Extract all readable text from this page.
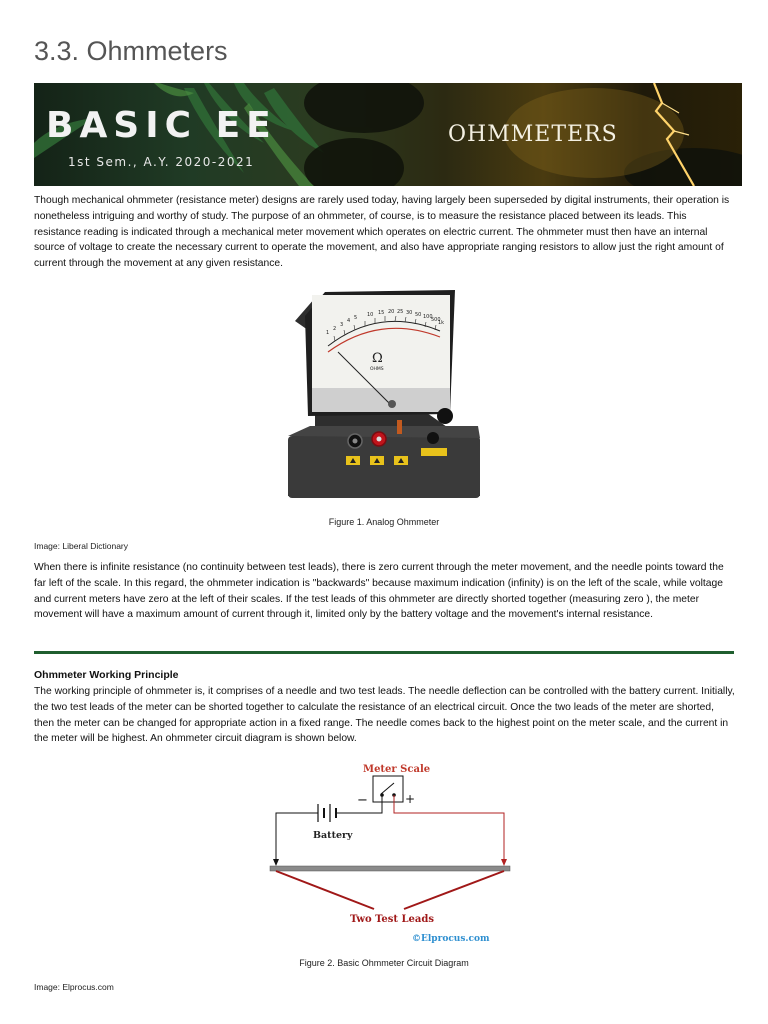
3.3. Ohmmeters
BASIC EE
1st Sem., A.Y. 2020-2021
OHMMETERS

Though mechanical ohmmeter (resistance meter) designs are rarely used today, having largely been superseded by digital instruments, their operation is nonetheless intriguing and worthy of study. The purpose of an ohmmeter, of course, is to measure the resistance placed between its leads. This resistance reading is indicated through a mechanical meter movement which operates on electric current. The ohmmeter must then have an internal source of voltage to create the necessary current to operate the movement, and also have appropriate ranging resistors to allow just the right amount of current through the movement at any given resistance.

1
2
3
4 5 10 15 20 25 30 50 100
500
1k
Ω
OHMS

Figure 1. Analog Ohmmeter

Image: Liberal Dictionary

When there is infinite resistance (no continuity between test leads), there is zero current through the meter movement, and the needle points toward the far left of the scale. In this regard, the ohmmeter indication is "backwards" because maximum indication (infinity) is on the left of the scale, while voltage and current meters have zero at the left of their scales. If the test leads of this ohmmeter are directly shorted together (measuring zero ), the meter movement will have a maximum amount of current through it, limited only by the battery voltage and the movement's internal resistance.

Ohmmeter Working Principle

The working principle of ohmmeter is, it comprises of a needle and two test leads. The needle deflection can be controlled with the battery current. Initially, the two test leads of the meter can be shorted together to calculate the resistance of an electrical circuit. Once the two leads of the meter are shorted, then the meter can be changed for appropriate action in a fixed range. The needle comes back to the highest point on the meter scale, and the current in the meter will be highest. An ohmmeter circuit diagram is shown below.

Meter Scale
−	+
Battery
Two Test Leads
©Elprocus.com

Figure 2. Basic Ohmmeter Circuit Diagram

Image: Elprocus.com
